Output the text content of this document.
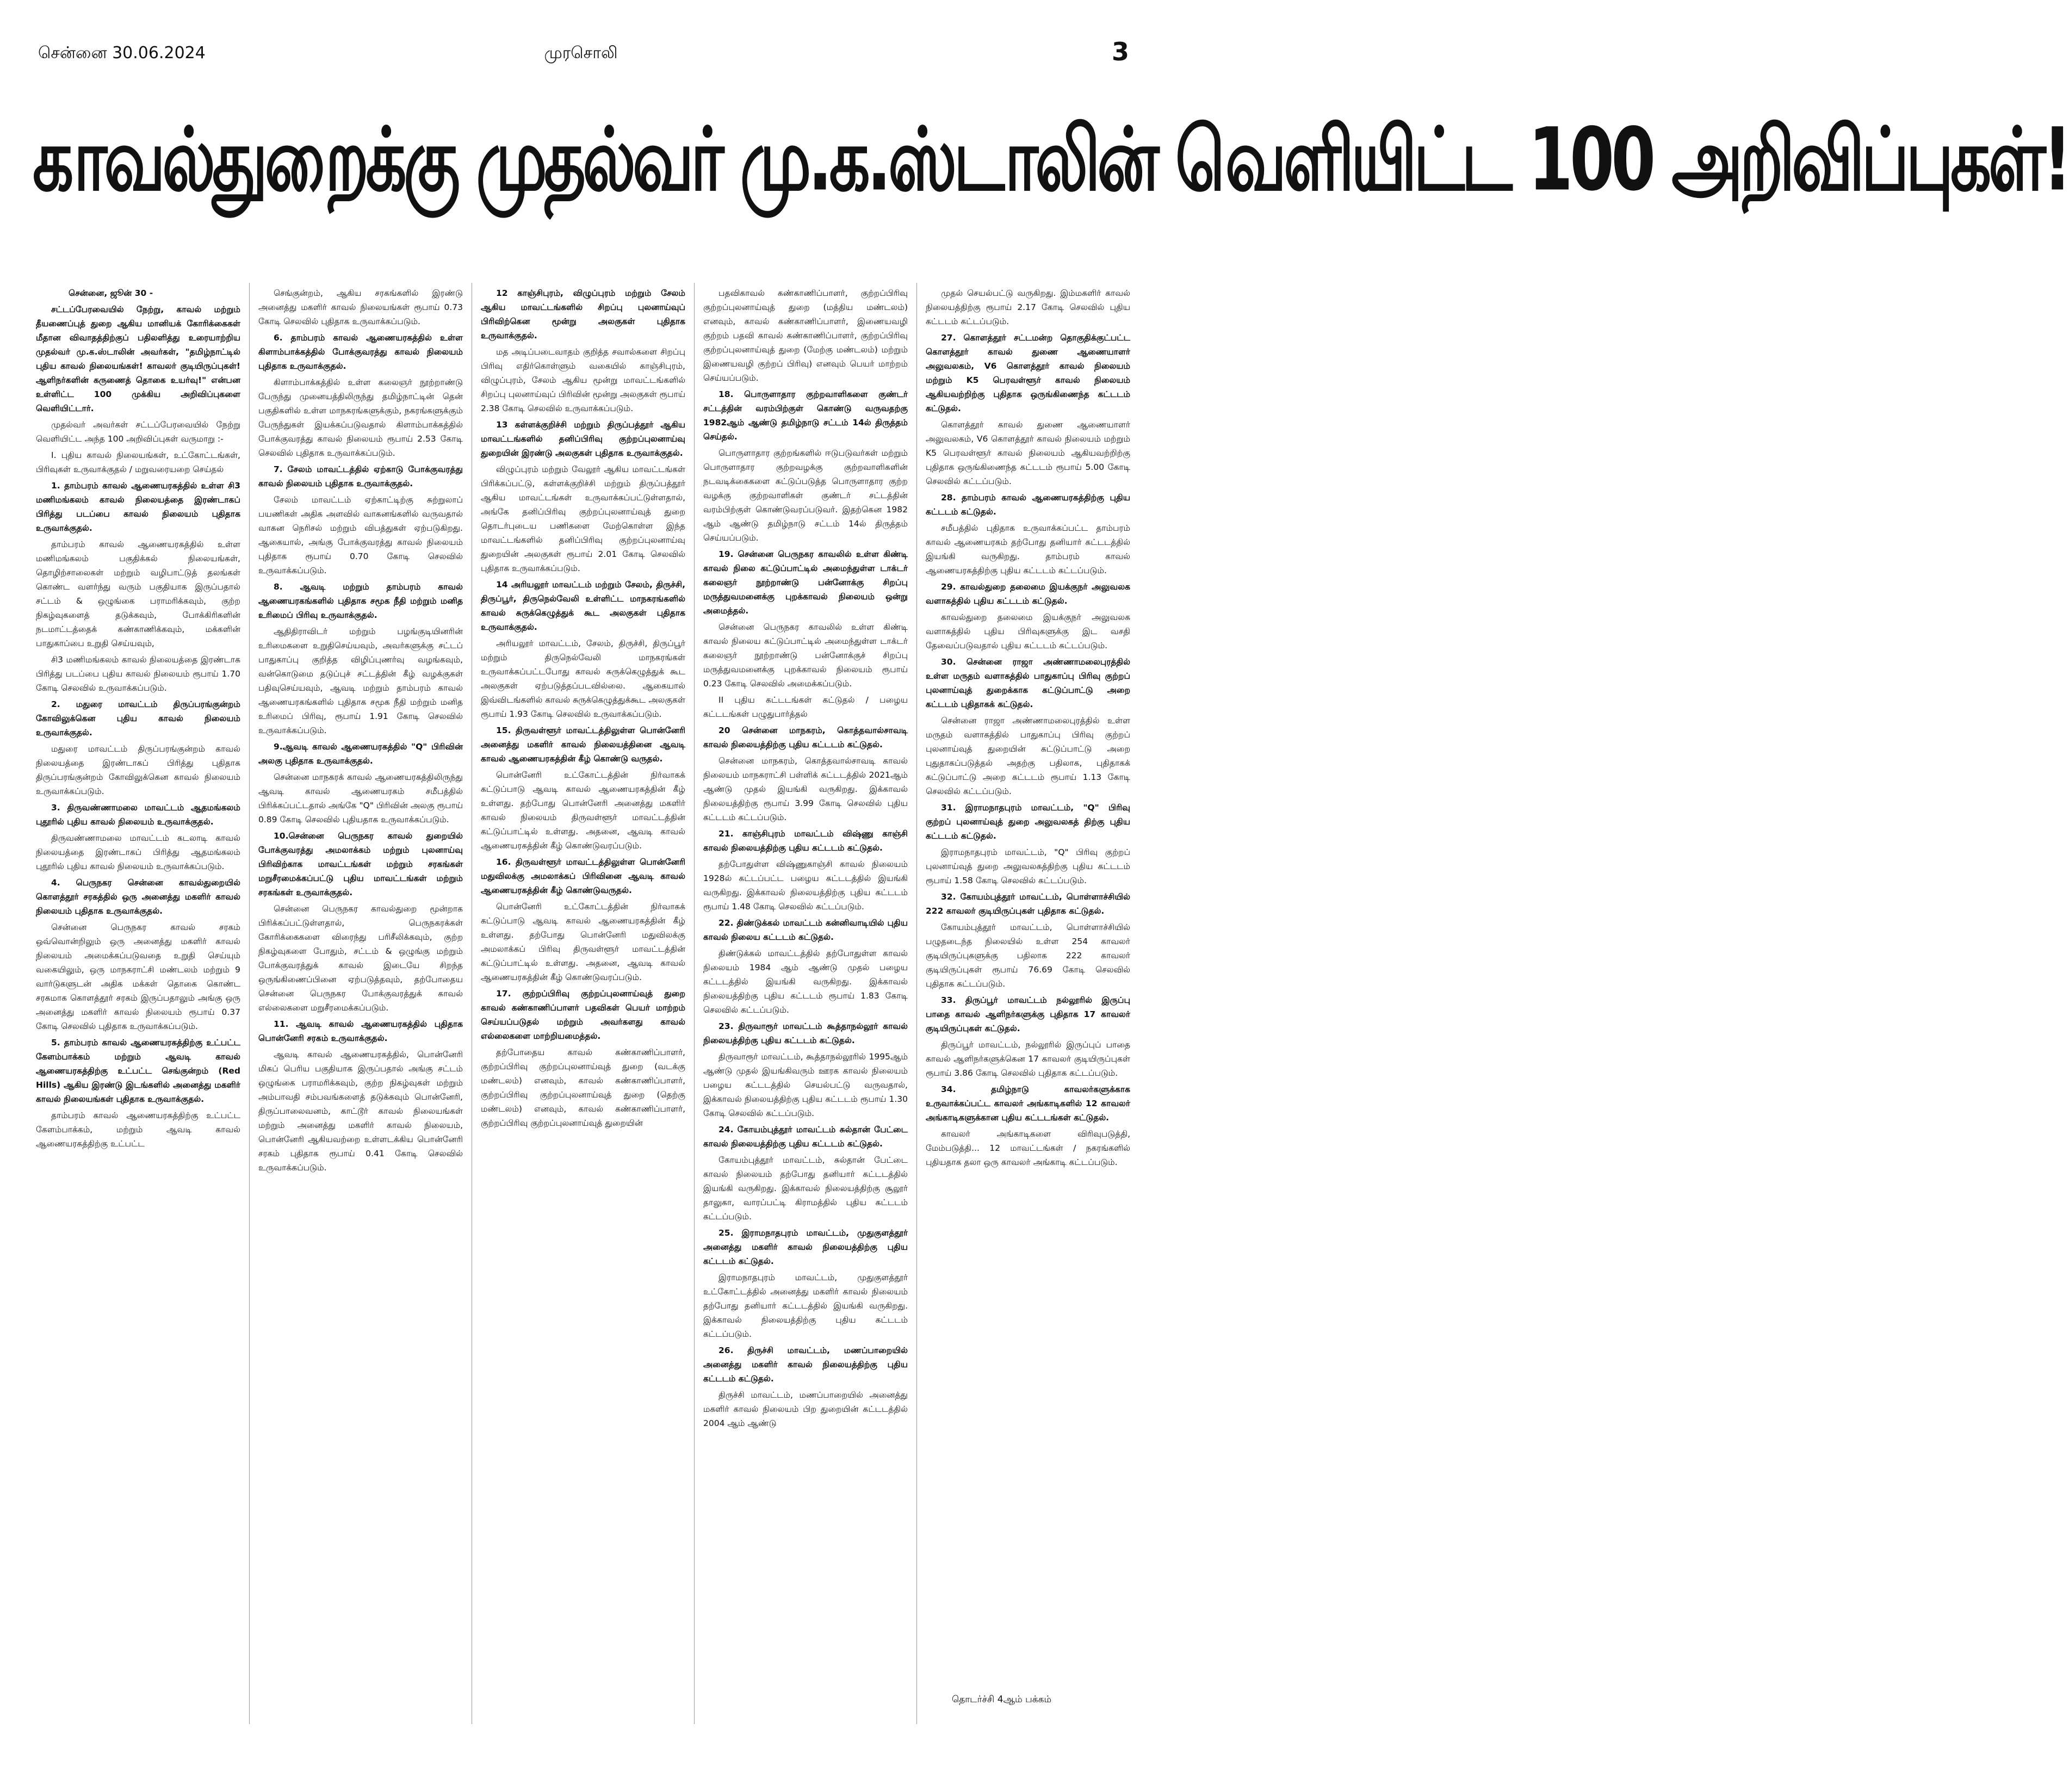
சென்னை 30.06.2024	முரசொலி	3
காவல்துறைக்கு முதல்வர் மு.க.ஸ்டாலின் வெளியிட்ட 100 அறிவிப்புகள்!

சென்னை, ஜூன் 30 -

சட்டப்பேரவையில் நேற்று, காவல் மற்றும் தீயணைப்புத் துறை ஆகிய மானியக் கோரிக்கைகள் மீதான விவாதத்திற்குப் பதிலளித்து உரையாற்றிய முதல்வர் மு.க.ஸ்டாலின் அவர்கள், "தமிழ்நாட்டில் புதிய காவல் நிலையங்கள்! காவலர் குடியிருப்புகள்! ஆளிநர்களின் கருணைத் தொகை உயர்வு!" என்பன உள்ளிட்ட 100 முக்கிய அறிவிப்புகளை வெளியிட்டார்.

முதல்வர் அவர்கள் சட்டப்பேரவையில் நேற்று வெளியிட்ட அந்த 100 அறிவிப்புகள் வருமாறு :-

I. புதிய காவல் நிலையங்கள், உட்கோட்டங்கள், பிரிவுகள் உருவாக்குதல் / மறுவரையறை செய்தல்

1. தாம்பரம் காவல் ஆணையரகத்தில் உள்ள சி3 மணிமங்கலம் காவல் நிலையத்தை இரண்டாகப் பிரித்து படப்பை காவல் நிலையம் புதிதாக உருவாக்குதல்.

தாம்பரம் காவல் ஆணையரகத்தில் உள்ள மணிமங்கலம் பகுதிக்கல் நிலையங்கள், தொழிற்சாலைகள் மற்றும் வழிபாட்டுத் தலங்கள் கொண்ட வளர்ந்து வரும் பகுதியாக இருப்பதால் சட்டம் & ஒழுங்கை பராமரிக்கவும், குற்ற நிகழ்வுகளைத் தடுக்கவும், போக்கிரிகளின் நடமாட்டத்தைக் கண்காணிக்கவும், மக்களின் பாதுகாப்பை உறுதி செய்யவும்,

சி3 மணிமங்கலம் காவல் நிலையத்தை இரண்டாக பிரித்து படப்பை புதிய காவல் நிலையம் ரூபாய் 1.70 கோடி செலவில் உருவாக்கப்படும்.

2. மதுரை மாவட்டம் திருப்பரங்குன்றம் கோவிலுக்கென புதிய காவல் நிலையம் உருவாக்குதல்.

மதுரை மாவட்டம் திருப்பரங்குன்றம் காவல் நிலையத்தை இரண்டாகப் பிரித்து புதிதாக திருப்பரங்குன்றம் கோவிலுக்கென காவல் நிலையம் உருவாக்கப்படும்.

3. திருவண்ணாமலை மாவட்டம் ஆதமங்கலம் புதூரில் புதிய காவல் நிலையம் உருவாக்குதல்.

திருவண்ணாமலை மாவட்டம் கடலாடி காவல் நிலையத்தை இரண்டாகப் பிரித்து ஆதமங்கலம் புதூரில் புதிய காவல் நிலையம் உருவாக்கப்படும்.

4. பெருநகர சென்னை காவல்துறையில் கொளத்தூர் சரகத்தில் ஒரு அனைத்து மகளிர் காவல் நிலையம் புதிதாக உருவாக்குதல்.

சென்னை பெருநகர காவல் சரகம் ஒவ்வொன்றிலும் ஒரு அனைத்து மகளிர் காவல் நிலையம் அமைக்கப்படுவதை உறுதி செய்யும் வகையிலும், ஒரு மாநகராட்சி மண்டலம் மற்றும் 9 வார்டுகளுடன் அதிக மக்கள் தொகை கொண்ட சரகமாக கொளத்தூர் சரகம் இருப்பதாலும் அங்கு ஒரு அனைத்து மகளிர் காவல் நிலையம் ரூபாய் 0.37 கோடி செலவில் புதிதாக உருவாக்கப்படும்.

5. தாம்பரம் காவல் ஆணையரகத்திற்கு உட்பட்ட கேளம்பாக்கம் மற்றும் ஆவடி காவல் ஆணையரகத்திற்கு உட்பட்ட செங்குன்றம் (Red Hills) ஆகிய இரண்டு இடங்களில் அனைத்து மகளிர் காவல் நிலையங்கள் புதிதாக உருவாக்குதல்.

தாம்பரம் காவல் ஆணையரகத்திற்கு உட்பட்ட கேளம்பாக்கம், மற்றும் ஆவடி காவல் ஆணையரகத்திற்கு உட்பட்ட

செங்குன்றம், ஆகிய சரகங்களில் இரண்டு அனைத்து மகளிர் காவல் நிலையங்கள் ரூபாய் 0.73 கோடி செலவில் புதிதாக உருவாக்கப்படும்.

6. தாம்பரம் காவல் ஆணையரகத்தில் உள்ள கிளாம்பாக்கத்தில் போக்குவரத்து காவல் நிலையம் புதிதாக உருவாக்குதல்.

கிளாம்பாக்கத்தில் உள்ள கலைஞர் நூற்றாண்டு பேருந்து முனையத்திலிருந்து தமிழ்நாட்டின் தென் பகுதிகளில் உள்ள மாநகரங்களுக்கும், நகரங்களுக்கும் பேருந்துகள் இயக்கப்படுவதால் கிளாம்பாக்கத்தில் போக்குவரத்து காவல் நிலையம் ரூபாய் 2.53 கோடி செலவில் புதிதாக உருவாக்கப்படும்.

7. சேலம் மாவட்டத்தில் ஏற்காடு போக்குவரத்து காவல் நிலையம் புதிதாக உருவாக்குதல்.

சேலம் மாவட்டம் ஏற்காட்டிற்கு சுற்றுலாப் பயணிகள் அதிக அளவில் வாகனங்களில் வருவதால் வாகன நெரிசல் மற்றும் விபத்துகள் ஏற்படுகிறது. ஆகையால், அங்கு போக்குவரத்து காவல் நிலையம் புதிதாக ரூபாய் 0.70 கோடி செலவில் உருவாக்கப்படும்.

8. ஆவடி மற்றும் தாம்பரம் காவல் ஆணையரகங்களில் புதிதாக சமூக நீதி மற்றும் மனித உரிமைப் பிரிவு உருவாக்குதல்.

ஆதிதிராவிடர் மற்றும் பழங்குடியினரின் உரிமைகளை உறுதிசெய்யவும், அவர்களுக்கு சட்டப் பாதுகாப்பு குறித்த விழிப்புணர்வு வழங்கவும், வன்கொடுமை தடுப்புச் சட்டத்தின் கீழ் வழக்குகள் பதிவுசெய்யவும், ஆவடி மற்றும் தாம்பரம் காவல் ஆணையரகங்களில் புதிதாக சமூக நீதி மற்றும் மனித உரிமைப் பிரிவு, ரூபாய் 1.91 கோடி செலவில் உருவாக்கப்படும்.

9.ஆவடி காவல் ஆணையரகத்தில் "Q" பிரிவின் அலகு புதிதாக உருவாக்குதல்.

சென்னை மாநகரக் காவல் ஆணையரகத்திலிருந்து ஆவடி காவல் ஆணையரகம் சமீபத்தில் பிரிக்கப்பட்டதால் அங்கே "Q" பிரிவின் அலகு ரூபாய் 0.89 கோடி செலவில் புதியதாக உருவாக்கப்படும்.

10.சென்னை பெருநகர காவல் துறையில் போக்குவரத்து அமலாக்கம் மற்றும் புலனாய்வு பிரிவிற்காக மாவட்டங்கள் மற்றும் சரகங்கள் மறுசீரமைக்கப்பட்டு புதிய மாவட்டங்கள் மற்றும் சரகங்கள் உருவாக்குதல்.

சென்னை பெருநகர காவல்துறை மூன்றாக பிரிக்கப்பட்டுள்ளதால், பெருநகரக்கள் கோரிக்கைகளை விரைந்து பரிசீலிக்கவும், குற்ற நிகழ்வுகளை போதும், சட்டம் & ஒழுங்கு மற்றும் போக்குவரத்துக் காவல் இடையே சிறந்த ஒருங்கிணைப்பினை ஏற்படுத்தவும், தற்போதைய சென்னை பெருநகர போக்குவரத்துக் காவல் எல்லைகளை மறுசீரமைக்கப்படும்.

11. ஆவடி காவல் ஆணையரகத்தில் புதிதாக பொன்னேரி சரகம் உருவாக்குதல்.

ஆவடி காவல் ஆணையரகத்தில், பொன்னேரி மிகப் பெரிய பகுதியாக இருப்பதால் அங்கு சட்டம் ஒழுங்கை பராமரிக்கவும், குற்ற நிகழ்வுகள் மற்றும் அம்பாவதி சம்பவங்களைத் தடுக்கவும் பொன்னேரி, திருப்பாலைவனம், காட்டூர் காவல் நிலையங்கள் மற்றும் அனைத்து மகளிர் காவல் நிலையம், பொன்னேரி ஆகியவற்றை உள்ளடக்கிய பொன்னேரி சரகம் புதிதாக ரூபாய் 0.41 கோடி செலவில் உருவாக்கப்படும்.

12 காஞ்சிபுரம், விழுப்புரம் மற்றும் சேலம் ஆகிய மாவட்டங்களில் சிறப்பு புலனாய்வுப் பிரிவிற்கென மூன்று அலகுகள் புதிதாக உருவாக்குதல்.

மத அடிப்படைவாதம் குறித்த சவால்களை சிறப்பு பிரிவு எதிர்கொள்ளும் வகையில் காஞ்சிபுரம், விழுப்புரம், சேலம் ஆகிய மூன்று மாவட்டங்களில் சிறப்பு புலனாய்வுப் பிரிவின் மூன்று அலகுகள் ரூபாய் 2.38 கோடி செலவில் உருவாக்கப்படும்.

13 கள்ளக்குறிச்சி மற்றும் திருப்பத்தூர் ஆகிய மாவட்டங்களில் தனிப்பிரிவு குற்றப்புலனாய்வு துறையின் இரண்டு அலகுகள் புதிதாக உருவாக்குதல்.

விழுப்புரம் மற்றும் வேலூர் ஆகிய மாவட்டங்கள் பிரிக்கப்பட்டு, கள்ளக்குறிச்சி மற்றும் திருப்பத்தூர் ஆகிய மாவட்டங்கள் உருவாக்கப்பட்டுள்ளதால், அங்கே தனிப்பிரிவு குற்றப்புலனாய்வுத் துறை தொடர்புடைய பணிகளை மேற்கொள்ள இந்த மாவட்டங்களில் தனிப்பிரிவு குற்றப்புலனாய்வு துறையின் அலகுகள் ரூபாய் 2.01 கோடி செலவில் புதிதாக உருவாக்கப்படும்.

14 அரியலூர் மாவட்டம் மற்றும் சேலம், திருச்சி, திருப்பூர், திருநெல்வேலி உள்ளிட்ட மாநகரங்களில் காவல் சுருக்கெழுத்துக் கூட அலகுகள் புதிதாக உருவாக்குதல்.

அரியலூர் மாவட்டம், சேலம், திருச்சி, திருப்பூர் மற்றும் திருநெல்வேலி மாநகரங்கள் உருவாக்கப்பட்டபோது காவல் சுருக்கெழுத்துக் கூட அலகுகள் ஏற்படுத்தப்படவில்லை. ஆகையால் இவ்விடங்களில் காவல் சுருக்கெழுத்துக்கூட அலகுகள் ரூபாய் 1.93 கோடி செலவில் உருவாக்கப்படும்.

15. திருவள்ளூர் மாவட்டத்திலுள்ள பொன்னேரி அனைத்து மகளிர் காவல் நிலையத்தினை ஆவடி காவல் ஆணையரகத்தின் கீழ் கொண்டு வருதல்.

பொன்னேரி உட்கோட்டத்தின் நிர்வாகக் கட்டுப்பாடு ஆவடி காவல் ஆணையரகத்தின் கீழ் உள்ளது. தற்போது பொன்னேரி அனைத்து மகளிர் காவல் நிலையம் திருவள்ளூர் மாவட்டத்தின் கட்டுப்பாட்டில் உள்ளது. அதனை, ஆவடி காவல் ஆணையரகத்தின் கீழ் கொண்டுவரப்படும்.

16. திருவள்ளூர் மாவட்டத்திலுள்ள பொன்னேரி மதுவிலக்கு அமலாக்கப் பிரிவினை ஆவடி காவல் ஆணையரகத்தின் கீழ் கொண்டுவருதல்.

பொன்னேரி உட்கோட்டத்தின் நிர்வாகக் கட்டுப்பாடு ஆவடி காவல் ஆணையரகத்தின் கீழ் உள்ளது. தற்போது பொன்னேரி மதுவிலக்கு அமலாக்கப் பிரிவு திருவள்ளூர் மாவட்டத்தின் கட்டுப்பாட்டில் உள்ளது. அதனை, ஆவடி காவல் ஆணையரகத்தின் கீழ் கொண்டுவரப்படும்.

17. குற்றப்பிரிவு குற்றப்புலனாய்வுத் துறை காவல் கண்காணிப்பாளர் பதவிகள் பெயர் மாற்றம் செய்யப்படுதல் மற்றும் அவர்களது காவல் எல்லைகளை மாற்றியமைத்தல்.

தற்போதைய காவல் கண்காணிப்பாளர், குற்றப்பிரிவு குற்றப்புலனாய்வுத் துறை (வடக்கு மண்டலம்) எனவும், காவல் கண்காணிப்பாளர், குற்றப்பிரிவு குற்றப்புலனாய்வுத் துறை (தெற்கு மண்டலம்) எனவும், காவல் கண்காணிப்பாளர், குற்றப்பிரிவு குற்றப்புலனாய்வுத் துறையின்

பதவிகாவல் கண்காணிப்பாளர், குற்றப்பிரிவு குற்றப்புலனாய்வுத் துறை (மத்திய மண்டலம்) எனவும், காவல் கண்காணிப்பாளர், இணையவழி குற்றம் பதவி காவல் கண்காணிப்பாளர், குற்றப்பிரிவு குற்றப்புலனாய்வுத் துறை (மேற்கு மண்டலம்) மற்றும் இணையவழி குற்றப் பிரிவு) எனவும் பெயர் மாற்றம் செய்யப்படும்.

18. பொருளாதார குற்றவாளிகளை குண்டர் சட்டத்தின் வரம்பிற்குள் கொண்டு வருவதற்கு 1982ஆம் ஆண்டு தமிழ்நாடு சட்டம் 14ல் திருத்தம் செய்தல்.

பொருளாதார குற்றங்களில் ஈடுபடுவர்கள் மற்றும் பொருளாதார குற்றவழக்கு குற்றவாளிகளின் நடவடிக்கைகளை கட்டுப்படுத்த பொருளாதார குற்ற வழக்கு குற்றவாளிகள் குண்டர் சட்டத்தின் வரம்பிற்குள் கொண்டுவரப்படுவர். இதற்கென 1982 ஆம் ஆண்டு தமிழ்நாடு சட்டம் 14ல் திருத்தம் செய்யப்படும்.

19. சென்னை பெருநகர காவலில் உள்ள கிண்டி காவல் நிலை கட்டுப்பாட்டில் அமைந்துள்ள டாக்டர் கலைஞர் நூற்றாண்டு பன்னோக்கு சிறப்பு மருத்துவமனைக்கு புறக்காவல் நிலையம் ஒன்று அமைத்தல்.

சென்னை பெருநகர காவலில் உள்ள கிண்டி காவல் நிலைய கட்டுப்பாட்டில் அமைந்துள்ள டாக்டர் கலைஞர் நூற்றாண்டு பன்னோக்குச் சிறப்பு மருத்துவமனைக்கு புறக்காவல் நிலையம் ரூபாய் 0.23 கோடி செலவில் அமைக்கப்படும்.

II புதிய கட்டடங்கள் கட்டுதல் / பழைய கட்டடங்கள் பழுதுபார்த்தல்

20 சென்னை மாநகரம், கொத்தவால்சாவடி காவல் நிலையத்திற்கு புதிய கட்டடம் கட்டுதல்.

சென்னை மாநகரம், கொத்தவால்சாவடி காவல் நிலையம் மாநகராட்சி பள்ளிக் கட்டடத்தில் 2021ஆம் ஆண்டு முதல் இயங்கி வருகிறது. இக்காவல் நிலையத்திற்கு ரூபாய் 3.99 கோடி செலவில் புதிய கட்டடம் கட்டப்படும்.

21. காஞ்சிபுரம் மாவட்டம் விஷ்ணு காஞ்சி காவல் நிலையத்திற்கு புதிய கட்டடம் கட்டுதல்.

தற்போதுள்ள விஷ்ணுகாஞ்சி காவல் நிலையம் 1928ல் கட்டப்பட்ட பழைய கட்டடத்தில் இயங்கி வருகிறது. இக்காவல் நிலையத்திற்கு புதிய கட்டடம் ரூபாய் 1.48 கோடி செலவில் கட்டப்படும்.

22. திண்டுக்கல் மாவட்டம் கன்னிவாடியில் புதிய காவல் நிலைய கட்டடம் கட்டுதல்.

திண்டுக்கல் மாவட்டத்தில் தற்போதுள்ள காவல் நிலையம் 1984 ஆம் ஆண்டு முதல் பழைய கட்டடத்தில் இயங்கி வருகிறது. இக்காவல் நிலையத்திற்கு புதிய கட்டடம் ரூபாய் 1.83 கோடி செலவில் கட்டப்படும்.

23. திருவாரூர் மாவட்டம் கூத்தாநல்லூர் காவல் நிலையத்திற்கு புதிய கட்டடம் கட்டுதல்.

திருவாரூர் மாவட்டம், கூத்தாநல்லூரில் 1995ஆம் ஆண்டு முதல் இயங்கிவரும் ஊரக காவல் நிலையம் பழைய கட்டடத்தில் செயல்பட்டு வருவதால், இக்காவல் நிலையத்திற்கு புதிய கட்டடம் ரூபாய் 1.30 கோடி செலவில் கட்டப்படும்.

24. கோயம்புத்தூர் மாவட்டம் சுல்தான் பேட்டை காவல் நிலையத்திற்கு புதிய கட்டடம் கட்டுதல்.

கோயம்புத்தூர் மாவட்டம், சுல்தான் பேட்டை காவல் நிலையம் தற்போது தனியார் கட்டடத்தில் இயங்கி வருகிறது. இக்காவல் நிலையத்திற்கு சூலூர் தாலுகா, வாரப்பட்டி கிராமத்தில் புதிய கட்டடம் கட்டப்படும்.

25. இராமநாதபுரம் மாவட்டம், முதுகுளத்தூர் அனைத்து மகளிர் காவல் நிலையத்திற்கு புதிய கட்டடம் கட்டுதல்.

இராமநாதபுரம் மாவட்டம், முதுகுளத்தூர் உட்கோட்டத்தில் அனைத்து மகளிர் காவல் நிலையம் தற்போது தனியார் கட்டடத்தில் இயங்கி வருகிறது. இக்காவல் நிலையத்திற்கு புதிய கட்டடம் கட்டப்படும்.

26. திருச்சி மாவட்டம், மணப்பாறையில் அனைத்து மகளிர் காவல் நிலையத்திற்கு புதிய கட்டடம் கட்டுதல்.

திருச்சி மாவட்டம், மணப்பாறையில் அனைத்து மகளிர் காவல் நிலையம் பிற துறையின் கட்டடத்தில் 2004 ஆம் ஆண்டு

முதல் செயல்பட்டு வருகிறது. இம்மகளிர் காவல் நிலையத்திற்கு ரூபாய் 2.17 கோடி செலவில் புதிய கட்டடம் கட்டப்படும்.

27. கொளத்தூர் சட்டமன்ற தொகுதிக்குட்பட்ட கொளத்தூர் காவல் துணை ஆணையாளர் அலுவலகம், V6 கொளத்தூர் காவல் நிலையம் மற்றும் K5 பெரவள்ளூர் காவல் நிலையம் ஆகியவற்றிற்கு புதிதாக ஒருங்கிணைந்த கட்டடம் கட்டுதல்.

கொளத்தூர் காவல் துணை ஆணையாளர் அலுவலகம், V6 கொளத்தூர் காவல் நிலையம் மற்றும் K5 பெரவள்ளூர் காவல் நிலையம் ஆகியவற்றிற்கு புதிதாக ஒருங்கிணைந்த கட்டடம் ரூபாய் 5.00 கோடி செலவில் கட்டப்படும்.

28. தாம்பரம் காவல் ஆணையரகத்திற்கு புதிய கட்டடம் கட்டுதல்.

சமீபத்தில் புதிதாக உருவாக்கப்பட்ட தாம்பரம் காவல் ஆணையரகம் தற்போது தனியார் கட்டடத்தில் இயங்கி வருகிறது. தாம்பரம் காவல் ஆணையரகத்திற்கு புதிய கட்டடம் கட்டப்படும்.

29. காவல்துறை தலைமை இயக்குநர் அலுவலக வளாகத்தில் புதிய கட்டடம் கட்டுதல்.

காவல்துறை தலைமை இயக்குநர் அலுவலக வளாகத்தில் புதிய பிரிவுகளுக்கு இட வசதி தேவைப்படுவதால் புதிய கட்டடம் கட்டப்படும்.

30. சென்னை ராஜா அண்ணாமலைபுரத்தில் உள்ள மருதம் வளாகத்தில் பாதுகாப்பு பிரிவு குற்றப் புலனாய்வுத் துறைக்காக கட்டுப்பாட்டு அறை கட்டடம் புதிதாகக் கட்டுதல்.

சென்னை ராஜா அண்ணாமலைபுரத்தில் உள்ள மருதம் வளாகத்தில் பாதுகாப்பு பிரிவு குற்றப் புலனாய்வுத் துறையின் கட்டுப்பாட்டு அறை புதுதாகப்படுத்தல் அதற்கு பதிலாக, புதிதாகக் கட்டுப்பாட்டு அறை கட்டடம் ரூபாய் 1.13 கோடி செலவில் கட்டப்படும்.

31. இராமநாதபுரம் மாவட்டம், "Q" பிரிவு குற்றப் புலனாய்வுத் துறை அலுவலகத் திற்கு புதிய கட்டடம் கட்டுதல்.

இராமநாதபுரம் மாவட்டம், "Q" பிரிவு குற்றப் புலனாய்வுத் துறை அலுவலகத்திற்கு புதிய கட்டடம் ரூபாய் 1.58 கோடி செலவில் கட்டப்படும்.

32. கோயம்புத்தூர் மாவட்டம், பொள்ளாச்சியில் 222 காவலர் குடியிருப்புகள் புதிதாக கட்டுதல்.

கோயம்புத்தூர் மாவட்டம், பொள்ளாச்சியில் பழுதடைந்த நிலையில் உள்ள 254 காவலர் குடியிருப்புகளுக்கு பதிலாக 222 காவலர் குடியிருப்புகள் ரூபாய் 76.69 கோடி செலவில் புதிதாக கட்டப்படும்.

33. திருப்பூர் மாவட்டம் நல்லூரில் இருப்பு பாதை காவல் ஆளிநர்களுக்கு புதிதாக 17 காவலர் குடியிருப்புகள் கட்டுதல்.

திருப்பூர் மாவட்டம், நல்லூரில் இருப்புப் பாதை காவல் ஆளிநர்களுக்கென 17 காவலர் குடியிருப்புகள் ரூபாய் 3.86 கோடி செலவில் புதிதாக கட்டப்படும்.

34. தமிழ்நாடு காவலர்களுக்காக உருவாக்கப்பட்ட காவலர் அங்காடிகளில் 12 காவலர் அங்காடிகளுக்கான புதிய கட்டடங்கள் கட்டுதல்.

காவலர் அங்காடிகளை விரிவுபடுத்தி, மேம்படுத்தி... 12 மாவட்டங்கள் / நகரங்களில் புதியதாக தலா ஒரு காவலர் அங்காடி கட்டப்படும்.

தொடர்ச்சி 4ஆம் பக்கம்
